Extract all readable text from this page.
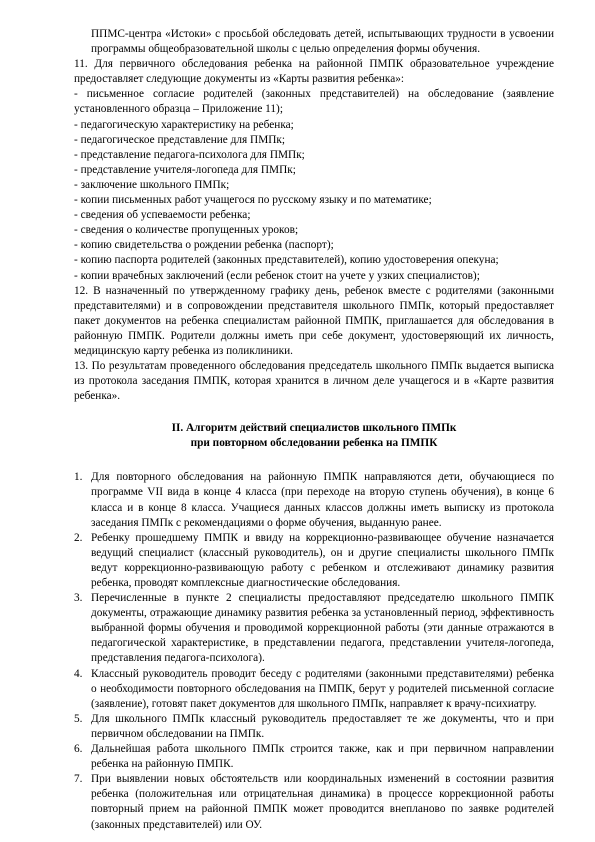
ППМС-центра «Истоки» с просьбой обследовать детей, испытывающих трудности в усвоении программы общеобразовательной школы с целью определения формы обучения.

11. Для первичного обследования ребенка на районной ПМПК образовательное учреждение предоставляет следующие документы из «Карты развития ребенка»:

- письменное согласие родителей (законных представителей) на обследование (заявление установленного образца – Приложение 11);

- педагогическую характеристику на ребенка;

- педагогическое представление для ПМПк;

- представление педагога-психолога для ПМПк;

- представление учителя-логопеда для ПМПк;

- заключение школьного ПМПк;

- копии письменных работ учащегося по русскому языку и по математике;

- сведения об успеваемости ребенка;

- сведения о количестве пропущенных уроков;

- копию свидетельства о рождении ребенка (паспорт);

- копию паспорта родителей (законных представителей), копию удостоверения опекуна;

- копии врачебных заключений (если ребенок стоит на учете у узких специалистов);

12. В назначенный по утвержденному графику день, ребенок вместе с родителями (законными представителями) и в сопровождении представителя школьного ПМПк, который предоставляет пакет документов на ребенка специалистам районной ПМПК, приглашается для обследования в районную ПМПК. Родители должны иметь при себе документ, удостоверяющий их личность, медицинскую карту ребенка из поликлиники.

13. По результатам проведенного обследования председатель школьного ПМПк выдается выписка из протокола заседания ПМПК, которая хранится в личном деле учащегося и в «Карте развития ребенка».

II. Алгоритм действий специалистов школьного ПМПк

при повторном обследовании ребенка на ПМПК

1. Для повторного обследования на районную ПМПК направляются дети, обучающиеся по программе VII вида в конце 4 класса (при переходе на вторую ступень обучения), в конце 6 класса и в конце 8 класса. Учащиеся данных классов должны иметь выписку из протокола заседания ПМПк с рекомендациями о форме обучения, выданную ранее.
2. Ребенку прошедшему ПМПК и ввиду на коррекционно-развивающее обучение назначается ведущий специалист (классный руководитель), он и другие специалисты школьного ПМПк ведут коррекционно-развивающую работу с ребенком и отслеживают динамику развития ребенка, проводят комплексные диагностические обследования.
3. Перечисленные в пункте 2 специалисты предоставляют председателю школьного ПМПК документы, отражающие динамику развития ребенка за установленный период, эффективность выбранной формы обучения и проводимой коррекционной работы (эти данные отражаются в педагогической характеристике, в представлении педагога, представлении учителя-логопеда, представления педагога-психолога).
4. Классный руководитель проводит беседу с родителями (законными представителями) ребенка о необходимости повторного обследования на ПМПК, берут у родителей письменной согласие (заявление), готовят пакет документов для школьного ПМПк, направляет к врачу-психиатру.
5. Для школьного ПМПк классный руководитель предоставляет те же документы, что и при первичном обследовании на ПМПк.
6. Дальнейшая работа школьного ПМПк строится также, как и при первичном направлении ребенка на районную ПМПК.
7. При выявлении новых обстоятельств или координальных изменений в состоянии развития ребенка (положительная или отрицательная динамика) в процессе коррекционной работы повторный прием на районной ПМПК может проводится внепланово по заявке родителей (законных представителей) или ОУ.
